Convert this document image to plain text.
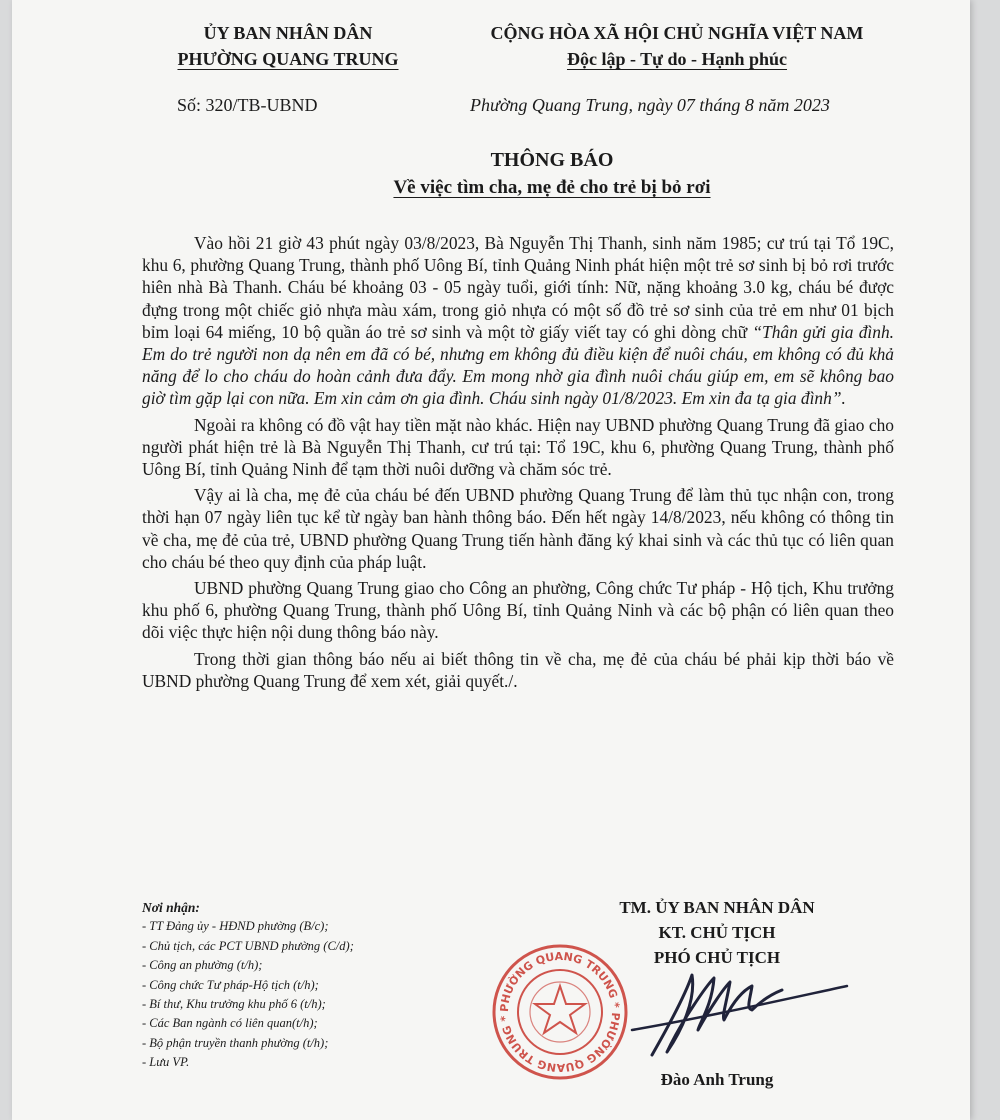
ỦY BAN NHÂN DÂN
PHƯỜNG QUANG TRUNG
CỘNG HÒA XÃ HỘI CHỦ NGHĨA VIỆT NAM
Độc lập - Tự do - Hạnh phúc
Số: 320/TB-UBND	Phường Quang Trung, ngày 07 tháng 8 năm 2023
THÔNG BÁO
Về việc tìm cha, mẹ đẻ cho trẻ bị bỏ rơi

Vào hồi 21 giờ 43 phút ngày 03/8/2023, Bà Nguyễn Thị Thanh, sinh năm 1985; cư trú tại Tổ 19C, khu 6, phường Quang Trung, thành phố Uông Bí, tỉnh Quảng Ninh phát hiện một trẻ sơ sinh bị bỏ rơi trước hiên nhà Bà Thanh. Cháu bé khoảng 03 - 05 ngày tuổi, giới tính: Nữ, nặng khoảng 3.0 kg, cháu bé được đựng trong một chiếc giỏ nhựa màu xám, trong giỏ nhựa có một số đồ trẻ sơ sinh của trẻ em như 01 bịch bỉm loại 64 miếng, 10 bộ quần áo trẻ sơ sinh và một tờ giấy viết tay có ghi dòng chữ “Thân gửi gia đình. Em do trẻ người non dạ nên em đã có bé, nhưng em không đủ điều kiện để nuôi cháu, em không có đủ khả năng để lo cho cháu do hoàn cảnh đưa đẩy. Em mong nhờ gia đình nuôi cháu giúp em, em sẽ không bao giờ tìm gặp lại con nữa. Em xin cảm ơn gia đình. Cháu sinh ngày 01/8/2023. Em xin đa tạ gia đình”.

Ngoài ra không có đồ vật hay tiền mặt nào khác. Hiện nay UBND phường Quang Trung đã giao cho người phát hiện trẻ là Bà Nguyễn Thị Thanh, cư trú tại: Tổ 19C, khu 6, phường Quang Trung, thành phố Uông Bí, tỉnh Quảng Ninh để tạm thời nuôi dưỡng và chăm sóc trẻ.

Vậy ai là cha, mẹ đẻ của cháu bé đến UBND phường Quang Trung để làm thủ tục nhận con, trong thời hạn 07 ngày liên tục kể từ ngày ban hành thông báo. Đến hết ngày 14/8/2023, nếu không có thông tin về cha, mẹ đẻ của trẻ, UBND phường Quang Trung tiến hành đăng ký khai sinh và các thủ tục có liên quan cho cháu bé theo quy định của pháp luật.

UBND phường Quang Trung giao cho Công an phường, Công chức Tư pháp - Hộ tịch, Khu trưởng khu phố 6, phường Quang Trung, thành phố Uông Bí, tỉnh Quảng Ninh và các bộ phận có liên quan theo dõi việc thực hiện nội dung thông báo này.

Trong thời gian thông báo nếu ai biết thông tin về cha, mẹ đẻ của cháu bé phải kịp thời báo về UBND phường Quang Trung để xem xét, giải quyết./.

Nơi nhận:
- TT Đảng ủy - HĐND phường (B/c);
- Chủ tịch, các PCT UBND phường (C/d);
- Công an phường (t/h);
- Công chức Tư pháp-Hộ tịch (t/h);
- Bí thư, Khu trưởng khu phố 6 (t/h);
- Các Ban ngành có liên quan(t/h);
- Bộ phận truyền thanh phường (t/h);
- Lưu VP.
TM. ỦY BAN NHÂN DÂN
KT. CHỦ TỊCH
PHÓ CHỦ TỊCH
PHƯỜNG QUANG TRUNG * PHƯỜNG QUANG TRUNG *
Đào Anh Trung
